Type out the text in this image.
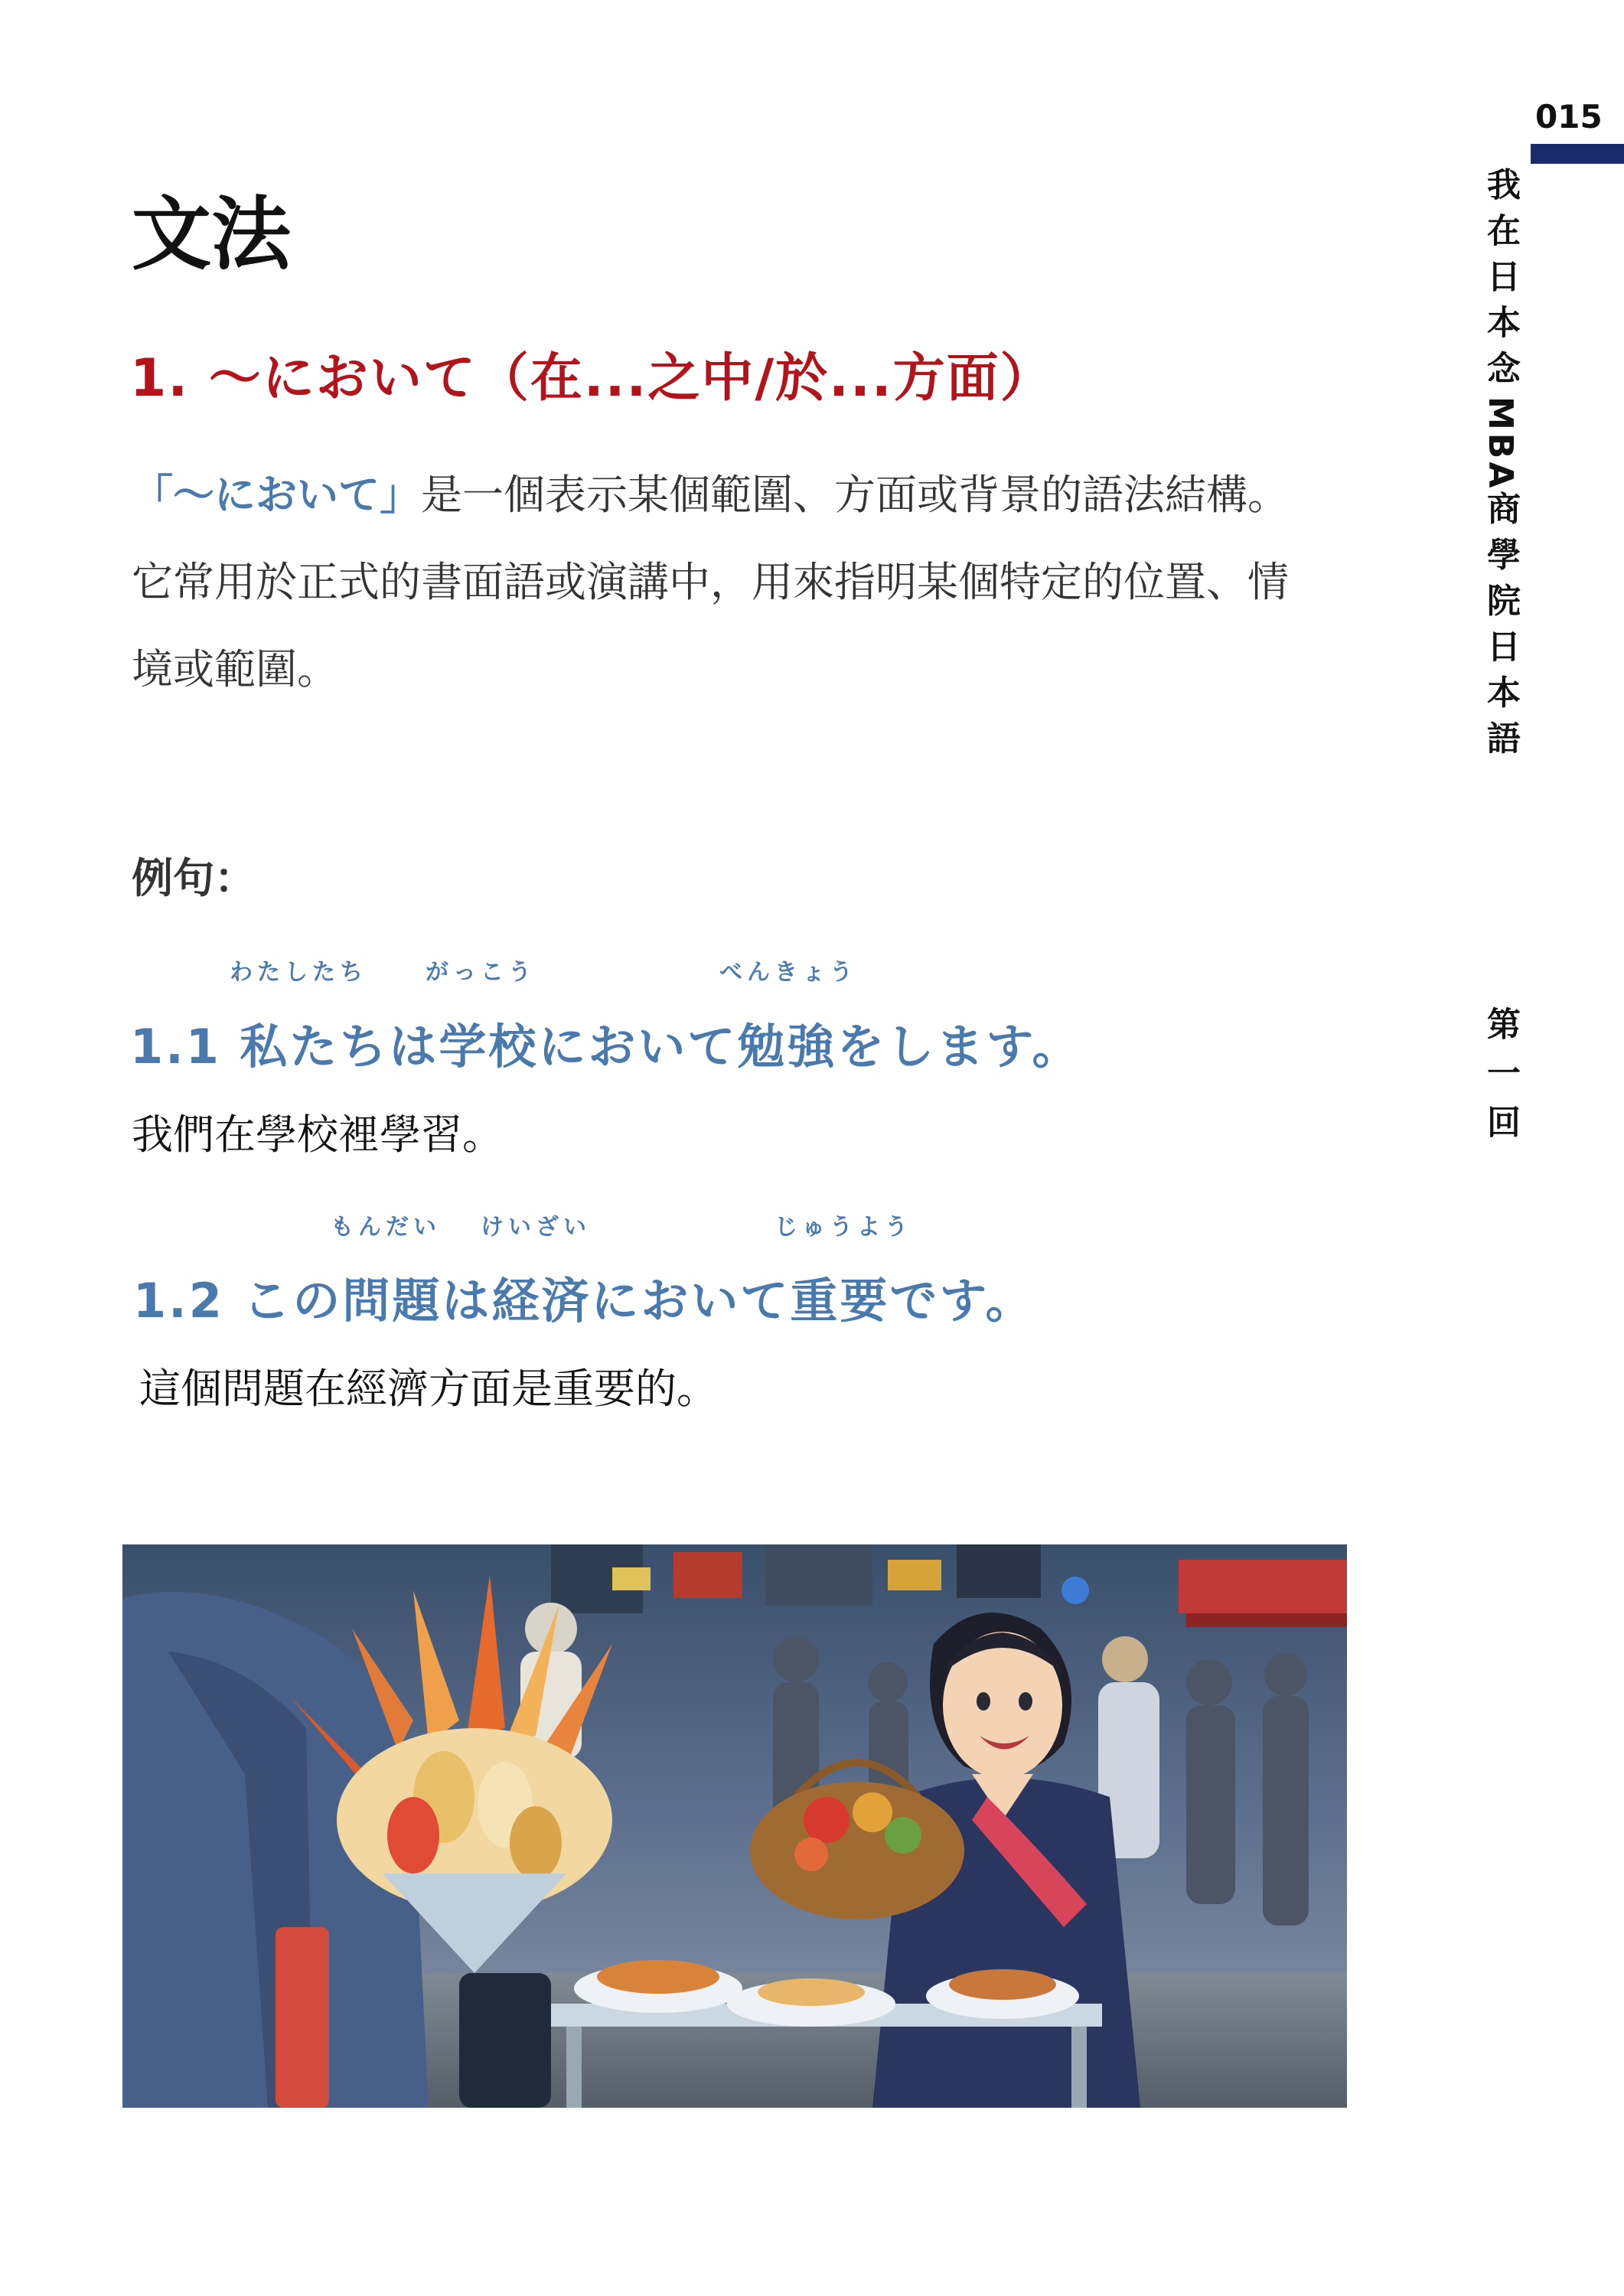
015
我在日本念MBA商學院日本語
第一回
文法
1. ～において（在...之中/於...方面）

「～において」是一個表示某個範圍、方面或背景的語法結構。它常用於正式的書面語或演講中，用來指明某個特定的位置、情境或範圍。

例句：
わたしたち	がっこう	べんきょう
1.1 私たちは学校において勉強をします。
我們在學校裡學習。
もんだい けいざい	じゅうよう
1.2 この問題は経済において重要です。
這個問題在經濟方面是重要的。
